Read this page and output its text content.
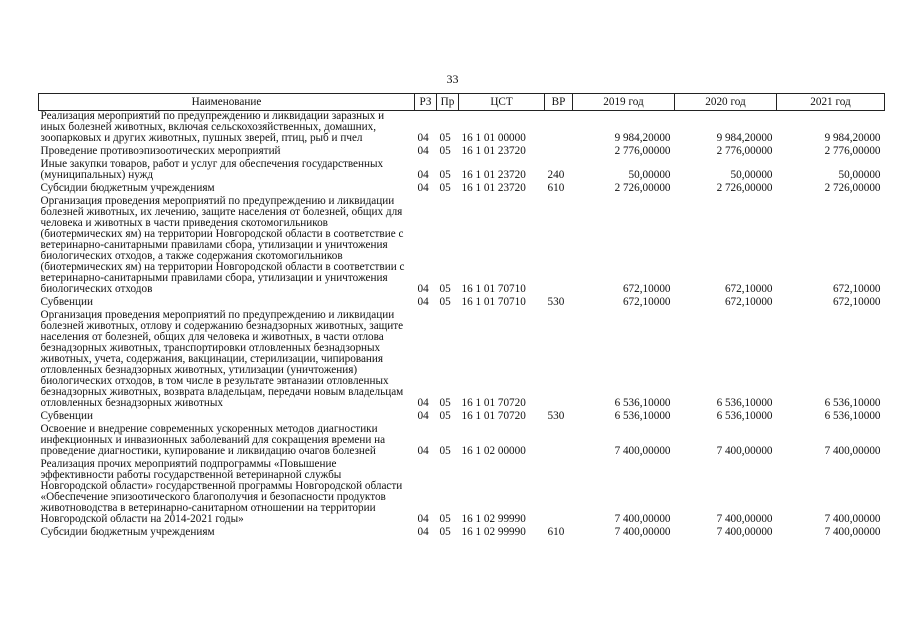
33
Наименование	РЗ	Пр	ЦСТ	ВР	2019 год	2020 год	2021 год
Реализация мероприятий по предупреждению и ликвидации заразных и иных болезней животных, включая сельскохозяйственных, домашних, зоопарковых и других животных, пушных зверей, птиц, рыб и пчел	04	05	16 1 01 00000		9 984,20000	9 984,20000	9 984,20000
Проведение противоэпизоотических мероприятий	04	05	16 1 01 23720		2 776,00000	2 776,00000	2 776,00000
Иные закупки товаров, работ и услуг для обеспечения государственных (муниципальных) нужд	04	05	16 1 01 23720	240	50,00000	50,00000	50,00000
Субсидии бюджетным учреждениям	04	05	16 1 01 23720	610	2 726,00000	2 726,00000	2 726,00000
Организация проведения мероприятий по предупреждению и ликвидации болезней животных, их лечению, защите населения от болезней, общих для человека и животных в части приведения скотомогильников (биотермических ям) на территории Новгородской области в соответствие с ветеринарно-санитарными правилами сбора, утилизации и уничтожения биологических отходов, а также содержания скотомогильников (биотермических ям) на территории Новгородской области в соответствии с ветеринарно-санитарными правилами сбора, утилизации и уничтожения биологических отходов	04	05	16 1 01 70710		672,10000	672,10000	672,10000
Субвенции	04	05	16 1 01 70710	530	672,10000	672,10000	672,10000
Организация проведения мероприятий по предупреждению и ликвидации болезней животных, отлову и содержанию безнадзорных животных, защите населения от болезней, общих для человека и животных, в части отлова безнадзорных животных, транспортировки отловленных безнадзорных животных, учета, содержания, вакцинации, стерилизации, чипирования отловленных безнадзорных животных, утилизации (уничтожения) биологических отходов, в том числе в результате эвтаназии отловленных безнадзорных животных, возврата владельцам, передачи новым владельцам отловленных безнадзорных животных	04	05	16 1 01 70720		6 536,10000	6 536,10000	6 536,10000
Субвенции	04	05	16 1 01 70720	530	6 536,10000	6 536,10000	6 536,10000
Освоение и внедрение современных ускоренных методов диагностики инфекционных и инвазионных заболеваний для сокращения времени на проведение диагностики, купирование и ликвидацию очагов болезней	04	05	16 1 02 00000		7 400,00000	7 400,00000	7 400,00000
Реализация прочих мероприятий подпрограммы «Повышение эффективности работы государственной ветеринарной службы Новгородской области» государственной программы Новгородской области «Обеспечение эпизоотического благополучия и безопасности продуктов животноводства в ветеринарно-санитарном отношении на территории Новгородской области на 2014-2021 годы»	04	05	16 1 02 99990		7 400,00000	7 400,00000	7 400,00000
Субсидии бюджетным учреждениям	04	05	16 1 02 99990	610	7 400,00000	7 400,00000	7 400,00000
